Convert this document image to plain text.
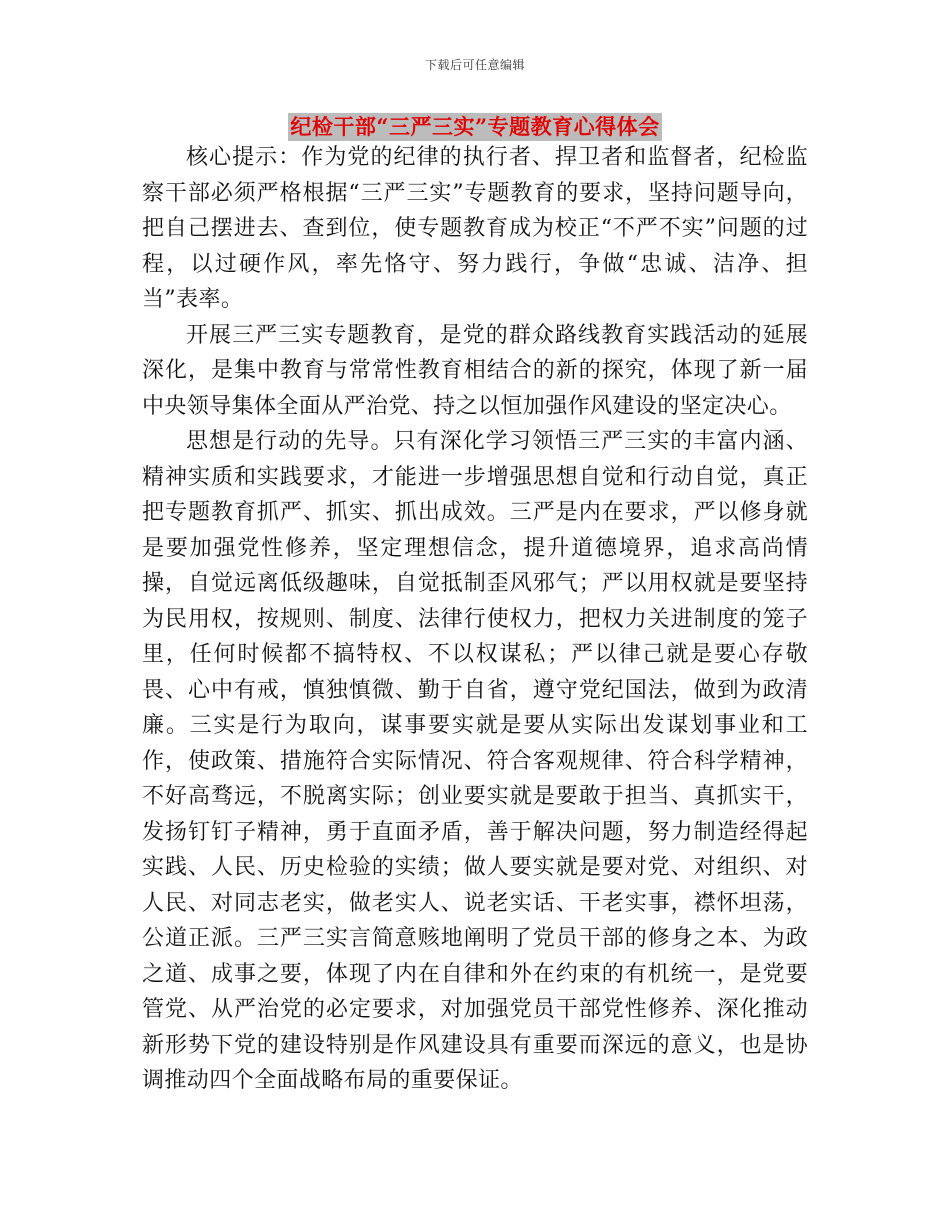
下载后可任意编辑
纪检干部“三严三实”专题教育心得体会

核心提示：作为党的纪律的执行者、捍卫者和监督者，纪检监察干部必须严格根据“三严三实”专题教育的要求，坚持问题导向，把自己摆进去、查到位，使专题教育成为校正“不严不实”问题的过程，以过硬作风，率先恪守、努力践行，争做“忠诚、洁净、担当”表率。

开展三严三实专题教育，是党的群众路线教育实践活动的延展深化，是集中教育与常常性教育相结合的新的探究，体现了新一届中央领导集体全面从严治党、持之以恒加强作风建设的坚定决心。

思想是行动的先导。只有深化学习领悟三严三实的丰富内涵、精神实质和实践要求，才能进一步增强思想自觉和行动自觉，真正把专题教育抓严、抓实、抓出成效。三严是内在要求，严以修身就是要加强党性修养，坚定理想信念，提升道德境界，追求高尚情操，自觉远离低级趣味，自觉抵制歪风邪气；严以用权就是要坚持为民用权，按规则、制度、法律行使权力，把权力关进制度的笼子里，任何时候都不搞特权、不以权谋私；严以律己就是要心存敬畏、心中有戒，慎独慎微、勤于自省，遵守党纪国法，做到为政清廉。三实是行为取向，谋事要实就是要从实际出发谋划事业和工作，使政策、措施符合实际情况、符合客观规律、符合科学精神，不好高骛远，不脱离实际；创业要实就是要敢于担当、真抓实干，发扬钉钉子精神，勇于直面矛盾，善于解决问题，努力制造经得起实践、人民、历史检验的实绩；做人要实就是要对党、对组织、对人民、对同志老实，做老实人、说老实话、干老实事，襟怀坦荡，公道正派。三严三实言简意赅地阐明了党员干部的修身之本、为政之道、成事之要，体现了内在自律和外在约束的有机统一，是党要管党、从严治党的必定要求，对加强党员干部党性修养、深化推动新形势下党的建设特别是作风建设具有重要而深远的意义，也是协调推动四个全面战略布局的重要保证。
